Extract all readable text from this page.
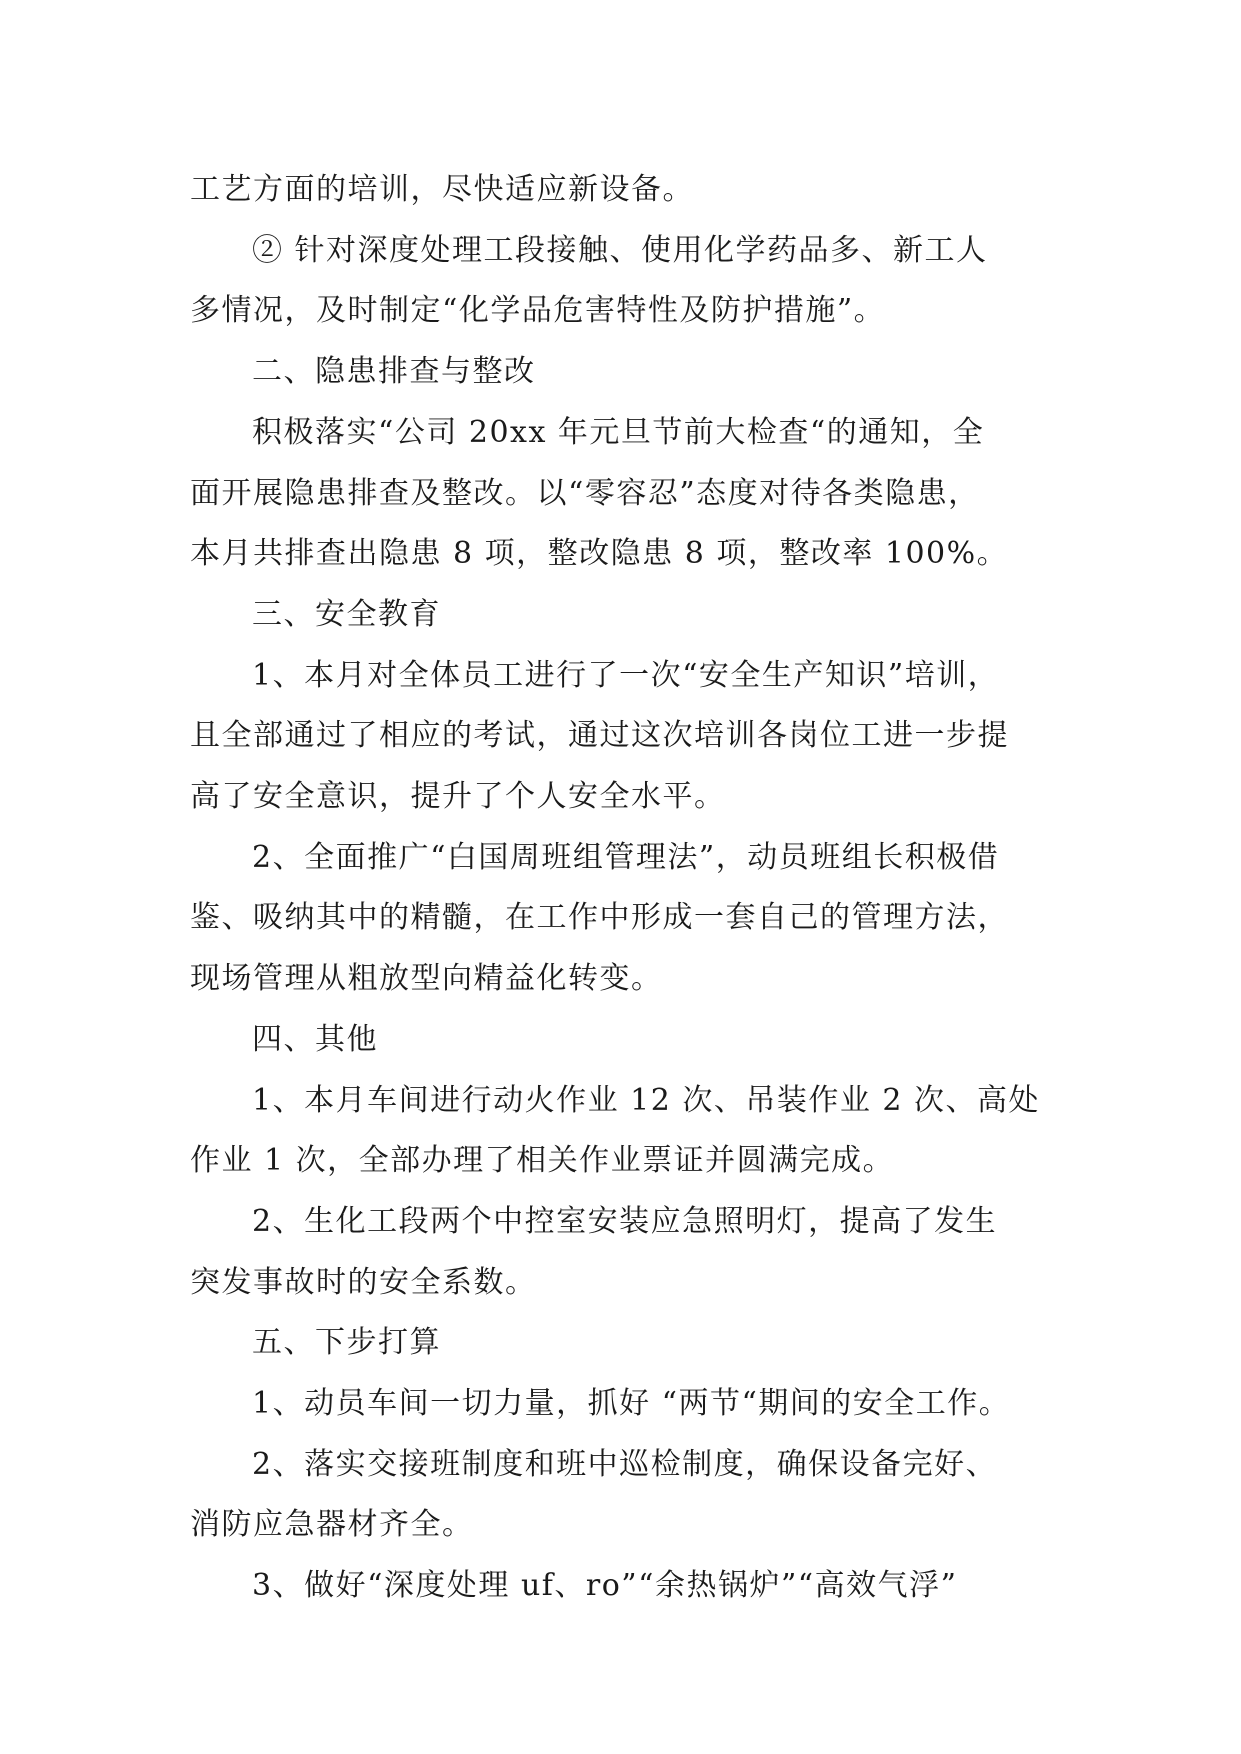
工艺方面的培训，尽快适应新设备。

② 针对深度处理工段接触、使用化学药品多、新工人

多情况，及时制定“化学品危害特性及防护措施”。

二、隐患排查与整改

积极落实“公司 20xx 年元旦节前大检查“的通知，全

面开展隐患排查及整改。以“零容忍”态度对待各类隐患，

本月共排查出隐患 8 项，整改隐患 8 项，整改率 100%。

三、安全教育

1、本月对全体员工进行了一次“安全生产知识”培训，

且全部通过了相应的考试，通过这次培训各岗位工进一步提

高了安全意识，提升了个人安全水平。

2、全面推广“白国周班组管理法”，动员班组长积极借

鉴、吸纳其中的精髓，在工作中形成一套自己的管理方法，

现场管理从粗放型向精益化转变。

四、其他

1、本月车间进行动火作业 12 次、吊装作业 2 次、高处

作业 1 次，全部办理了相关作业票证并圆满完成。

2、生化工段两个中控室安装应急照明灯，提高了发生

突发事故时的安全系数。

五、下步打算

1、动员车间一切力量，抓好 “两节“期间的安全工作。

2、落实交接班制度和班中巡检制度，确保设备完好、

消防应急器材齐全。

3、做好“深度处理 uf、ro”“余热锅炉”“高效气浮”
